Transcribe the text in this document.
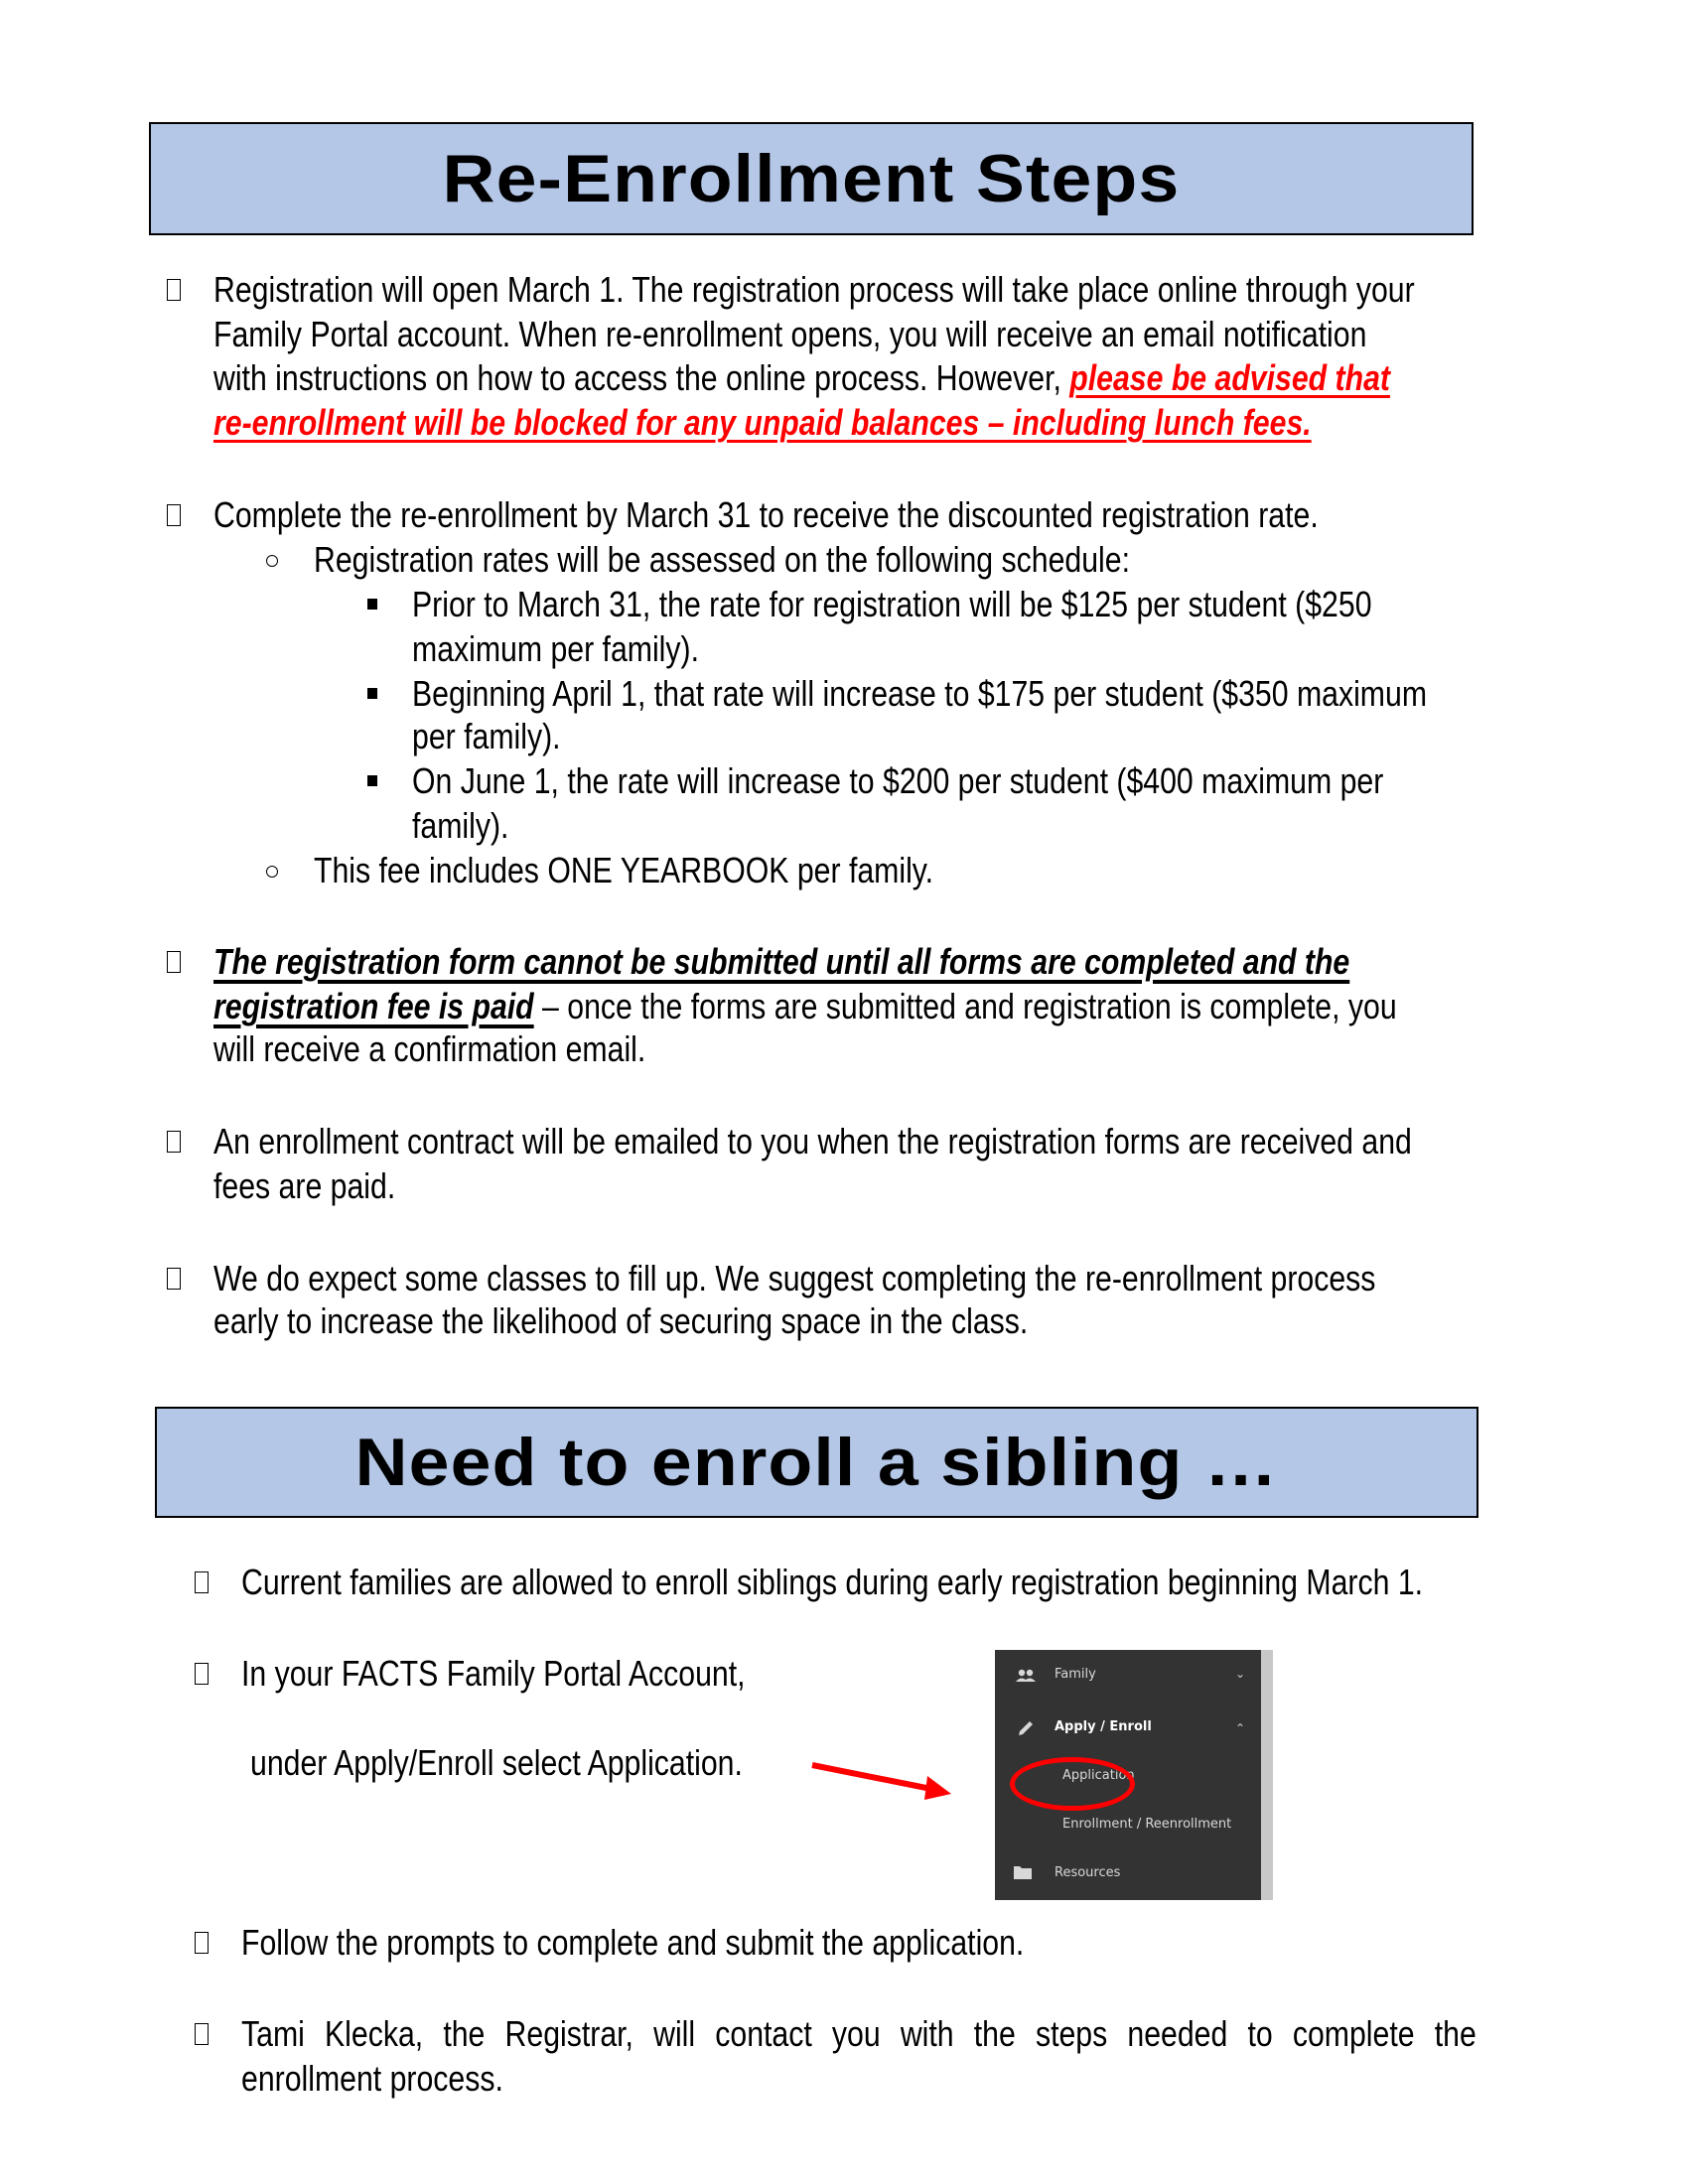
Re-Enrollment Steps
Registration will open March 1. The registration process will take place online through your
Family Portal account. When re-enrollment opens, you will receive an email notification
with instructions on how to access the online process. However, please be advised that
re-enrollment will be blocked for any unpaid balances – including lunch fees.
Complete the re-enrollment by March 31 to receive the discounted registration rate.
Registration rates will be assessed on the following schedule:
Prior to March 31, the rate for registration will be $125 per student ($250
maximum per family).
Beginning April 1, that rate will increase to $175 per student ($350 maximum
per family).
On June 1, the rate will increase to $200 per student ($400 maximum per
family).
This fee includes ONE YEARBOOK per family.
The registration form cannot be submitted until all forms are completed and the
registration fee is paid – once the forms are submitted and registration is complete, you
will receive a confirmation email.
An enrollment contract will be emailed to you when the registration forms are received and
fees are paid.
We do expect some classes to fill up. We suggest completing the re-enrollment process
early to increase the likelihood of securing space in the class.
Need to enroll a sibling …
Current families are allowed to enroll siblings during early registration beginning March 1.
In your FACTS Family Portal Account,
under Apply/Enroll select Application.
Family	⌄
Apply / Enroll	⌃
Application
Enrollment / Reenrollment
Resources
Follow the prompts to complete and submit the application.
Tami Klecka, the Registrar, will contact you with the steps needed to complete the
enrollment process.
